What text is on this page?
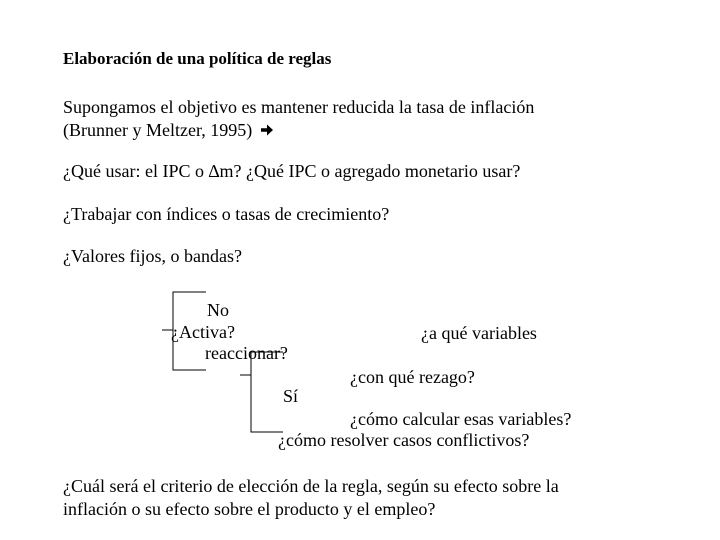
Elaboración de una política de reglas
Supongamos el objetivo es mantener reducida la tasa de inflación
(Brunner y Meltzer, 1995)
¿Qué usar: el IPC o ∆m? ¿Qué IPC o agregado monetario usar?
¿Trabajar con índices o tasas de crecimiento?
¿Valores fijos, o bandas?
No
¿Activa?
reaccionar?
¿a qué variables
¿con qué rezago?
Sí
¿cómo calcular esas variables?
¿cómo resolver casos conflictivos?
¿Cuál será el criterio de elección de la regla, según su efecto sobre la
inflación o su efecto sobre el producto y el empleo?
